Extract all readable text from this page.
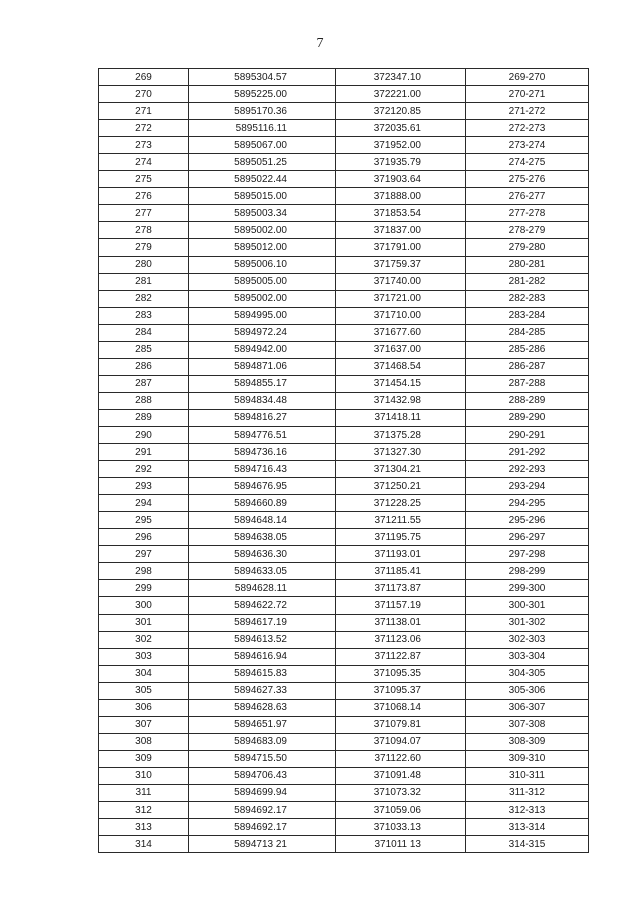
7
269	5895304.57	372347.10	269-270
270	5895225.00	372221.00	270-271
271	5895170.36	372120.85	271-272
272	5895116.11	372035.61	272-273
273	5895067.00	371952.00	273-274
274	5895051.25	371935.79	274-275
275	5895022.44	371903.64	275-276
276	5895015.00	371888.00	276-277
277	5895003.34	371853.54	277-278
278	5895002.00	371837.00	278-279
279	5895012.00	371791.00	279-280
280	5895006.10	371759.37	280-281
281	5895005.00	371740.00	281-282
282	5895002.00	371721.00	282-283
283	5894995.00	371710.00	283-284
284	5894972.24	371677.60	284-285
285	5894942.00	371637.00	285-286
286	5894871.06	371468.54	286-287
287	5894855.17	371454.15	287-288
288	5894834.48	371432.98	288-289
289	5894816.27	371418.11	289-290
290	5894776.51	371375.28	290-291
291	5894736.16	371327.30	291-292
292	5894716.43	371304.21	292-293
293	5894676.95	371250.21	293-294
294	5894660.89	371228.25	294-295
295	5894648.14	371211.55	295-296
296	5894638.05	371195.75	296-297
297	5894636.30	371193.01	297-298
298	5894633.05	371185.41	298-299
299	5894628.11	371173.87	299-300
300	5894622.72	371157.19	300-301
301	5894617.19	371138.01	301-302
302	5894613.52	371123.06	302-303
303	5894616.94	371122.87	303-304
304	5894615.83	371095.35	304-305
305	5894627.33	371095.37	305-306
306	5894628.63	371068.14	306-307
307	5894651.97	371079.81	307-308
308	5894683.09	371094.07	308-309
309	5894715.50	371122.60	309-310
310	5894706.43	371091.48	310-311
311	5894699.94	371073.32	311-312
312	5894692.17	371059.06	312-313
313	5894692.17	371033.13	313-314
314	5894713 21	371011 13	314-315
